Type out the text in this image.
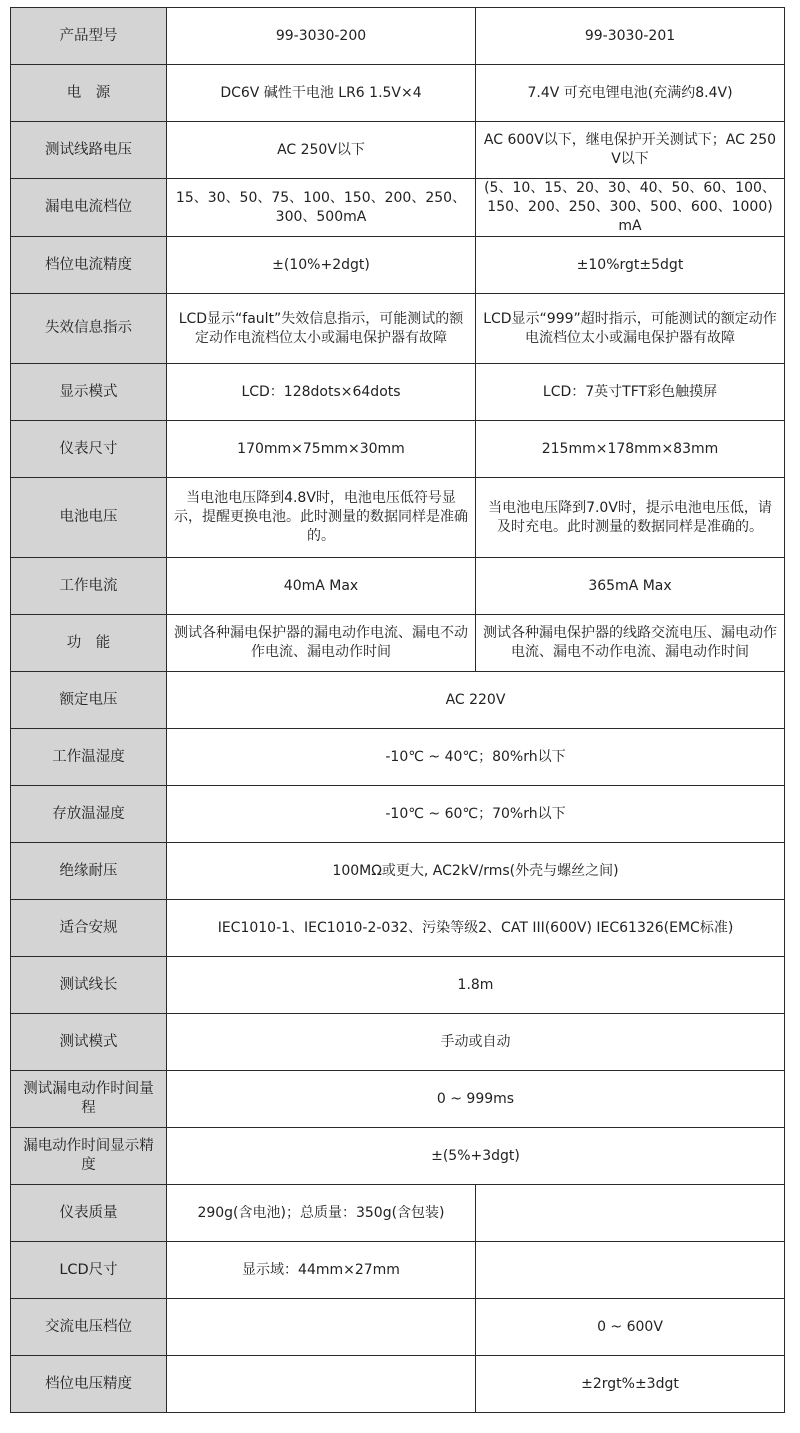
产品型号	99-3030-200	99-3030-201
电　源	DC6V 碱性干电池 LR6 1.5V×4	7.4V 可充电锂电池(充满约8.4V)
测试线路电压	AC 250V以下	AC 600V以下，继电保护开关测试下；AC 250V以下
漏电电流档位	15、30、50、75、100、150、200、250、300、500mA	(5、10、15、20、30、40、50、60、100、150、200、250、300、500、600、1000)mA
档位电流精度	±(10%+2dgt)	±10%rgt±5dgt
失效信息指示	LCD显示“fault”失效信息指示，可能测试的额定动作电流档位太小或漏电保护器有故障	LCD显示“999”超时指示，可能测试的额定动作电流档位太小或漏电保护器有故障
显示模式	LCD：128dots×64dots	LCD：7英寸TFT彩色触摸屏
仪表尺寸	170mm×75mm×30mm	215mm×178mm×83mm
电池电压	当电池电压降到4.8V时，电池电压低符号显示，提醒更换电池。此时测量的数据同样是准确的。	当电池电压降到7.0V时，提示电池电压低，请及时充电。此时测量的数据同样是准确的。
工作电流	40mA Max	365mA Max
功　能	测试各种漏电保护器的漏电动作电流、漏电不动作电流、漏电动作时间	测试各种漏电保护器的线路交流电压、漏电动作电流、漏电不动作电流、漏电动作时间

额定电压	AC 220V	
工作温湿度	-10℃ ~ 40℃；80%rh以下	
存放温湿度	-10℃ ~ 60℃；70%rh以下	
绝缘耐压	100MΩ或更大, AC2kV/rms(外壳与螺丝之间)	
适合安规	IEC1010-1、IEC1010-2-032、污染等级2、CAT III(600V) IEC61326(EMC标准)	
测试线长	1.8m	
测试模式	手动或自动	
测试漏电动作时间量程	0 ~ 999ms	
漏电动作时间显示精度	±(5%+3dgt)	
仪表质量	290g(含电池)；总质量：350g(含包装)	
LCD尺寸	显示域：44mm×27mm	
交流电压档位		0 ~ 600V
档位电压精度		±2rgt%±3dgt
